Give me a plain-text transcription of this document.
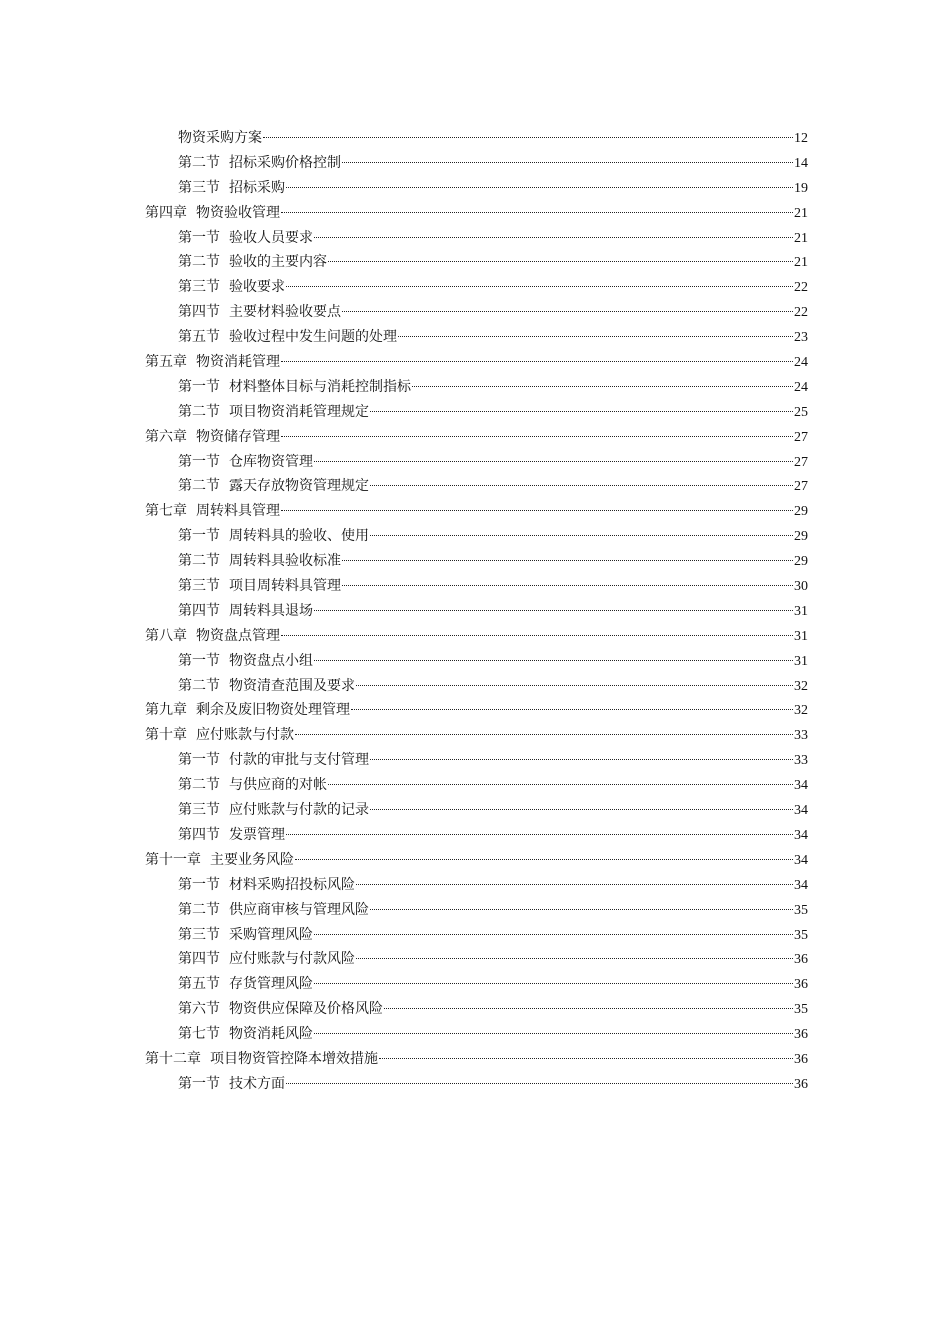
物资采购方案	12
第二节 招标采购价格控制	14
第三节 招标采购	19
第四章 物资验收管理	21
第一节 验收人员要求	21
第二节 验收的主要内容	21
第三节 验收要求	22
第四节 主要材料验收要点	22
第五节 验收过程中发生问题的处理	23
第五章 物资消耗管理	24
第一节 材料整体目标与消耗控制指标	24
第二节 项目物资消耗管理规定	25
第六章 物资储存管理	27
第一节 仓库物资管理	27
第二节 露天存放物资管理规定	27
第七章 周转料具管理	29
第一节 周转料具的验收、使用	29
第二节 周转料具验收标准	29
第三节 项目周转料具管理	30
第四节 周转料具退场	31
第八章 物资盘点管理	31
第一节 物资盘点小组	31
第二节 物资清查范围及要求	32
第九章 剩余及废旧物资处理管理	32
第十章 应付账款与付款	33
第一节 付款的审批与支付管理	33
第二节 与供应商的对帐	34
第三节 应付账款与付款的记录	34
第四节 发票管理	34
第十一章 主要业务风险	34
第一节 材料采购招投标风险	34
第二节 供应商审核与管理风险	35
第三节 采购管理风险	35
第四节 应付账款与付款风险	36
第五节 存货管理风险	36
第六节 物资供应保障及价格风险	35
第七节 物资消耗风险	36
第十二章 项目物资管控降本增效措施	36
第一节 技术方面	36
